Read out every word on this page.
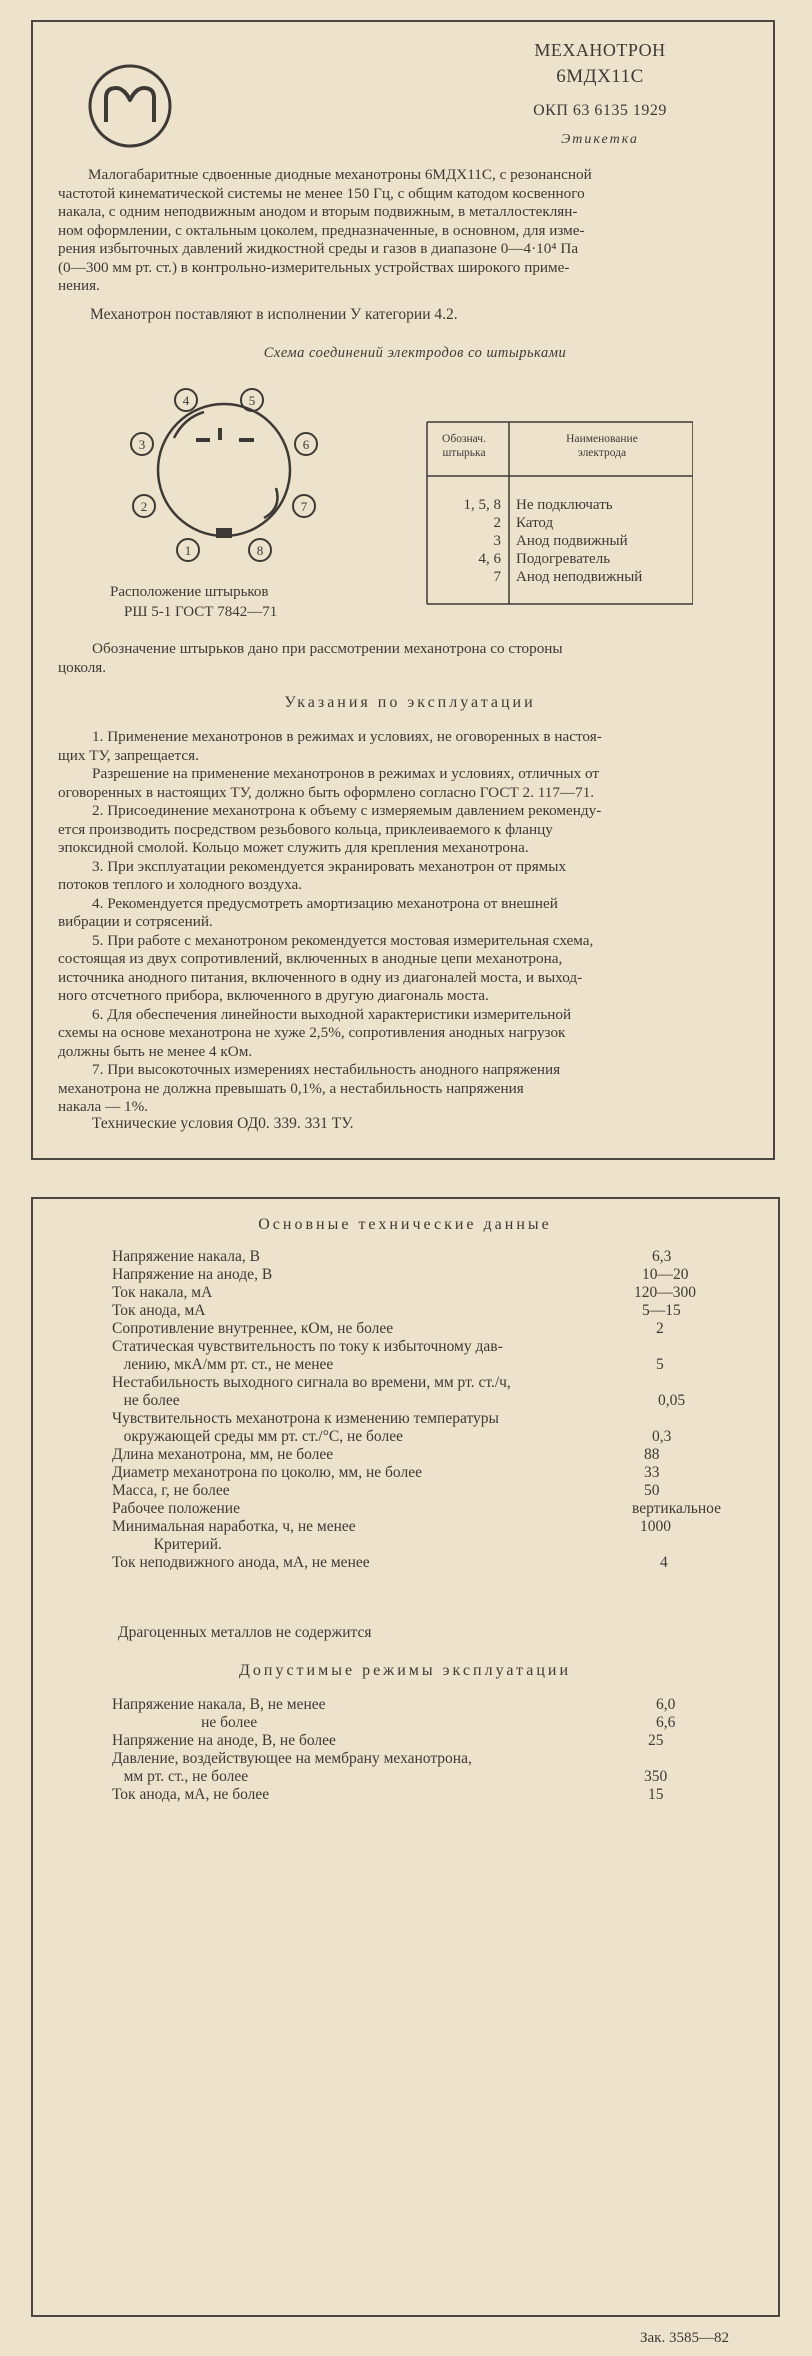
МЕХАНОТРОН
6МДХ11С
ОКП 63 6135 1929
Этикетка
Малогабаритные сдвоенные диодные механотроны 6МДХ11С, с резонансной
частотой кинематической системы не менее 150 Гц, с общим катодом косвенного
накала, с одним неподвижным анодом и вторым подвижным, в металлостеклян-
ном оформлении, с октальным цоколем, предназначенные, в основном, для изме-
рения избыточных давлений жидкостной среды и газов в диапазоне 0—4·10⁴ Па
(0—300 мм рт. ст.) в контрольно-измерительных устройствах широкого приме-
нения.
Механотрон поставляют в исполнении У категории 4.2.
Схема соединений электродов со штырьками
4	5
3	6
2	7
1	8
Расположение штырьков
РШ 5-1 ГОСТ 7842—71
Обознач.
штырька
Наименование
электрода
1, 5, 8 Не подключать
2 Катод
3 Анод подвижный
4, 6 Подогреватель
7 Анод неподвижный
Обозначение штырьков дано при рассмотрении механотрона со стороны
цоколя.
Указания по эксплуатации
1. Применение механотронов в режимах и условиях, не оговоренных в настоя-
щих ТУ, запрещается.
Разрешение на применение механотронов в режимах и условиях, отличных от
оговоренных в настоящих ТУ, должно быть оформлено согласно ГОСТ 2. 117—71.
2. Присоединение механотрона к объему с измеряемым давлением рекоменду-
ется производить посредством резьбового кольца, приклеиваемого к фланцу
эпоксидной смолой. Кольцо может служить для крепления механотрона.
3. При эксплуатации рекомендуется экранировать механотрон от прямых
потоков теплого и холодного воздуха.
4. Рекомендуется предусмотреть амортизацию механотрона от внешней
вибрации и сотрясений.
5. При работе с механотроном рекомендуется мостовая измерительная схема,
состоящая из двух сопротивлений, включенных в анодные цепи механотрона,
источника анодного питания, включенного в одну из диагоналей моста, и выход-
ного отсчетного прибора, включенного в другую диагональ моста.
6. Для обеспечения линейности выходной характеристики измерительной
схемы на основе механотрона не хуже 2,5%, сопротивления анодных нагрузок
должны быть не менее 4 кОм.
7. При высокоточных измерениях нестабильность анодного напряжения
механотрона не должна превышать 0,1%, а нестабильность напряжения
накала — 1%.
Технические условия ОД0. 339. 331 ТУ.
Основные технические данные
Напряжение накала, В	6,3
Напряжение на аноде, В	10—20
Ток накала, мА	120—300
Ток анода, мА	5—15
Сопротивление внутреннее, кОм, не более	2
Статическая чувствительность по току к избыточному дав-
лению, мкА/мм рт. ст., не менее	5
Нестабильность выходного сигнала во времени, мм рт. ст./ч,
не более	0,05
Чувствительность механотрона к изменению температуры
окружающей среды мм рт. ст./°С, не более	0,3
Длина механотрона, мм, не более	88
Диаметр механотрона по цоколю, мм, не более	33
Масса, г, не более	50
Рабочее положение	вертикальное
Минимальная наработка, ч, не менее	1000
Критерий.
Ток неподвижного анода, мА, не менее	4
Драгоценных металлов не содержится
Допустимые режимы эксплуатации
Напряжение накала, В, не менее	6,0
не более	6,6
Напряжение на аноде, В, не более	25
Давление, воздействующее на мембрану механотрона,
мм рт. ст., не более	350
Ток анода, мА, не более	15
Зак. 3585—82
